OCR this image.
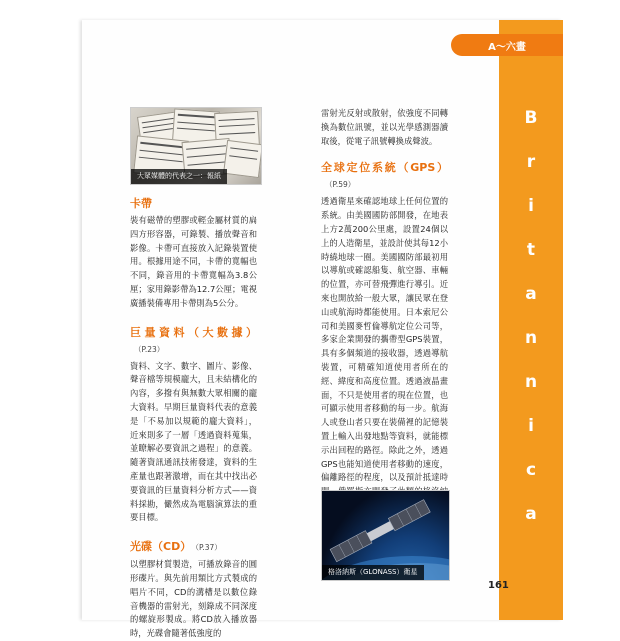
A～六畫
B
r
i
t
a
n
n
i
c
a
161
大眾媒體的代表之一：報紙
卡帶

裝有磁帶的塑膠或輕金屬材質的扁四方形容器，可錄製、播放聲音和影像。卡帶可直接放入記錄裝置使用。根據用途不同，卡帶的寬幅也不同，錄音用的卡帶寬幅為3.8公厘；家用錄影帶為12.7公厘；電視廣播裝備專用卡帶則為5公分。

巨量資料（大數據）（P.23）

資料、文字、數字、圖片、影像、聲音檔等規模龐大，且未結構化的內容，多撥有與無數大眾相關的龐大資料。早期巨量資料代表的意義是「不易加以規範的龐大資料」，近來則多了一層「透過資料蒐集，並瞭解必要資訊之過程」的意義。隨著資訊通訊技術發達，資料的生產量也跟著激增，而在其中找出必要資訊的巨量資料分析方式——資料採勘，儼然成為電腦演算法的重要目標。

光碟（CD） （P.37）

以塑膠材質製造，可播放錄音的圓形碟片。與先前用類比方式製成的唱片不同，CD的溝槽是以數位錄音機器的雷射光，刻錄成不同深度的螺旋形製成。將CD放入播放器時，光碟會隨著低強度的

雷射光反射或散射，依強度不同轉換為數位訊號，並以光學感測器讀取後，從電子訊號轉換成聲波。

全球定位系統（GPS）（P.59）

透過衛星來確認地球上任何位置的系統。由美國國防部開發，在地表上方2萬200公里處，設置24個以上的人造衛星，並設計使其每12小時繞地球一圈。美國國防部最初用以導航或確認船隻、航空器、車輛的位置，亦可替飛彈進行導引。近來也開放給一般大眾，讓民眾在登山或航海時都能使用。日本索尼公司和美國麥哲倫導航定位公司等，多家企業開發的攜帶型GPS裝置，具有多個頻道的接收器，透過導航裝置，可精確知道使用者所在的經、緯度和高度位置。透過液晶畫面，不只是使用者的現在位置，也可顯示使用者移動的每一步。航海人或登山者只要在裝備裡的記憶裝置上輸入出發地點等資料，就能標示出回程的路徑。除此之外，透過GPS也能知道使用者移動的速度，偏離路徑的程度，以及預計抵達時

格洛納斯（GLONASS）衛星
